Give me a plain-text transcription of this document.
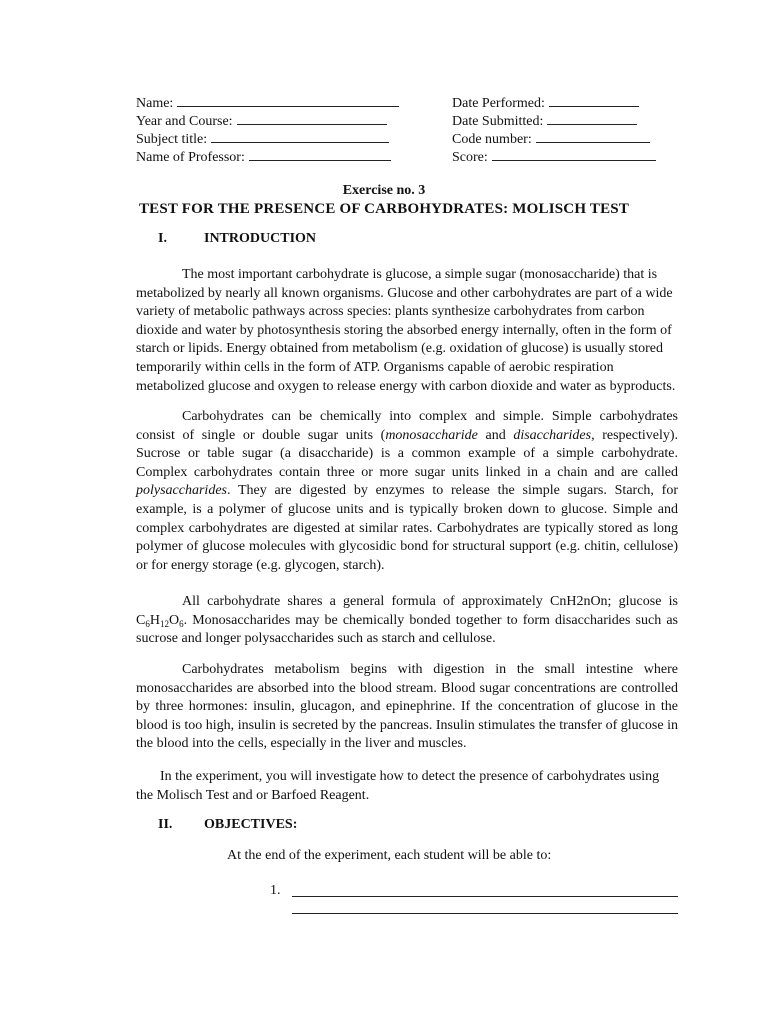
Name:
Year and Course:
Subject title:
Name of Professor:
Date Performed:
Date Submitted:
Code number:
Score:
Exercise no. 3
TEST FOR THE PRESENCE OF CARBOHYDRATES: MOLISCH TEST
I.	INTRODUCTION
The most important carbohydrate is glucose, a simple sugar (monosaccharide) that is metabolized by nearly all known organisms. Glucose and other carbohydrates are part of a wide variety of metabolic pathways across species: plants synthesize carbohydrates from carbon dioxide and water by photosynthesis storing the absorbed energy internally, often in the form of starch or lipids. Energy obtained from metabolism (e.g. oxidation of glucose) is usually stored temporarily within cells in the form of ATP. Organisms capable of aerobic respiration metabolized glucose and oxygen to release energy with carbon dioxide and water as byproducts.
Carbohydrates can be chemically into complex and simple. Simple carbohydrates consist of single or double sugar units (monosaccharide and disaccharides, respectively). Sucrose or table sugar (a disaccharide) is a common example of a simple carbohydrate. Complex carbohydrates contain three or more sugar units linked in a chain and are called polysaccharides. They are digested by enzymes to release the simple sugars. Starch, for example, is a polymer of glucose units and is typically broken down to glucose. Simple and complex carbohydrates are digested at similar rates. Carbohydrates are typically stored as long polymer of glucose molecules with glycosidic bond for structural support (e.g. chitin, cellulose) or for energy storage (e.g. glycogen, starch).
All carbohydrate shares a general formula of approximately CnH2nOn; glucose is $C_6H_{12}O_6$. Monosaccharides may be chemically bonded together to form disaccharides such as sucrose and longer polysaccharides such as starch and cellulose.
Carbohydrates metabolism begins with digestion in the small intestine where monosaccharides are absorbed into the blood stream. Blood sugar concentrations are controlled by three hormones: insulin, glucagon, and epinephrine. If the concentration of glucose in the blood is too high, insulin is secreted by the pancreas. Insulin stimulates the transfer of glucose in the blood into the cells, especially in the liver and muscles.
In the experiment, you will investigate how to detect the presence of carbohydrates using the Molisch Test and or Barfoed Reagent.
II. OBJECTIVES:
At the end of the experiment, each student will be able to:
1.
